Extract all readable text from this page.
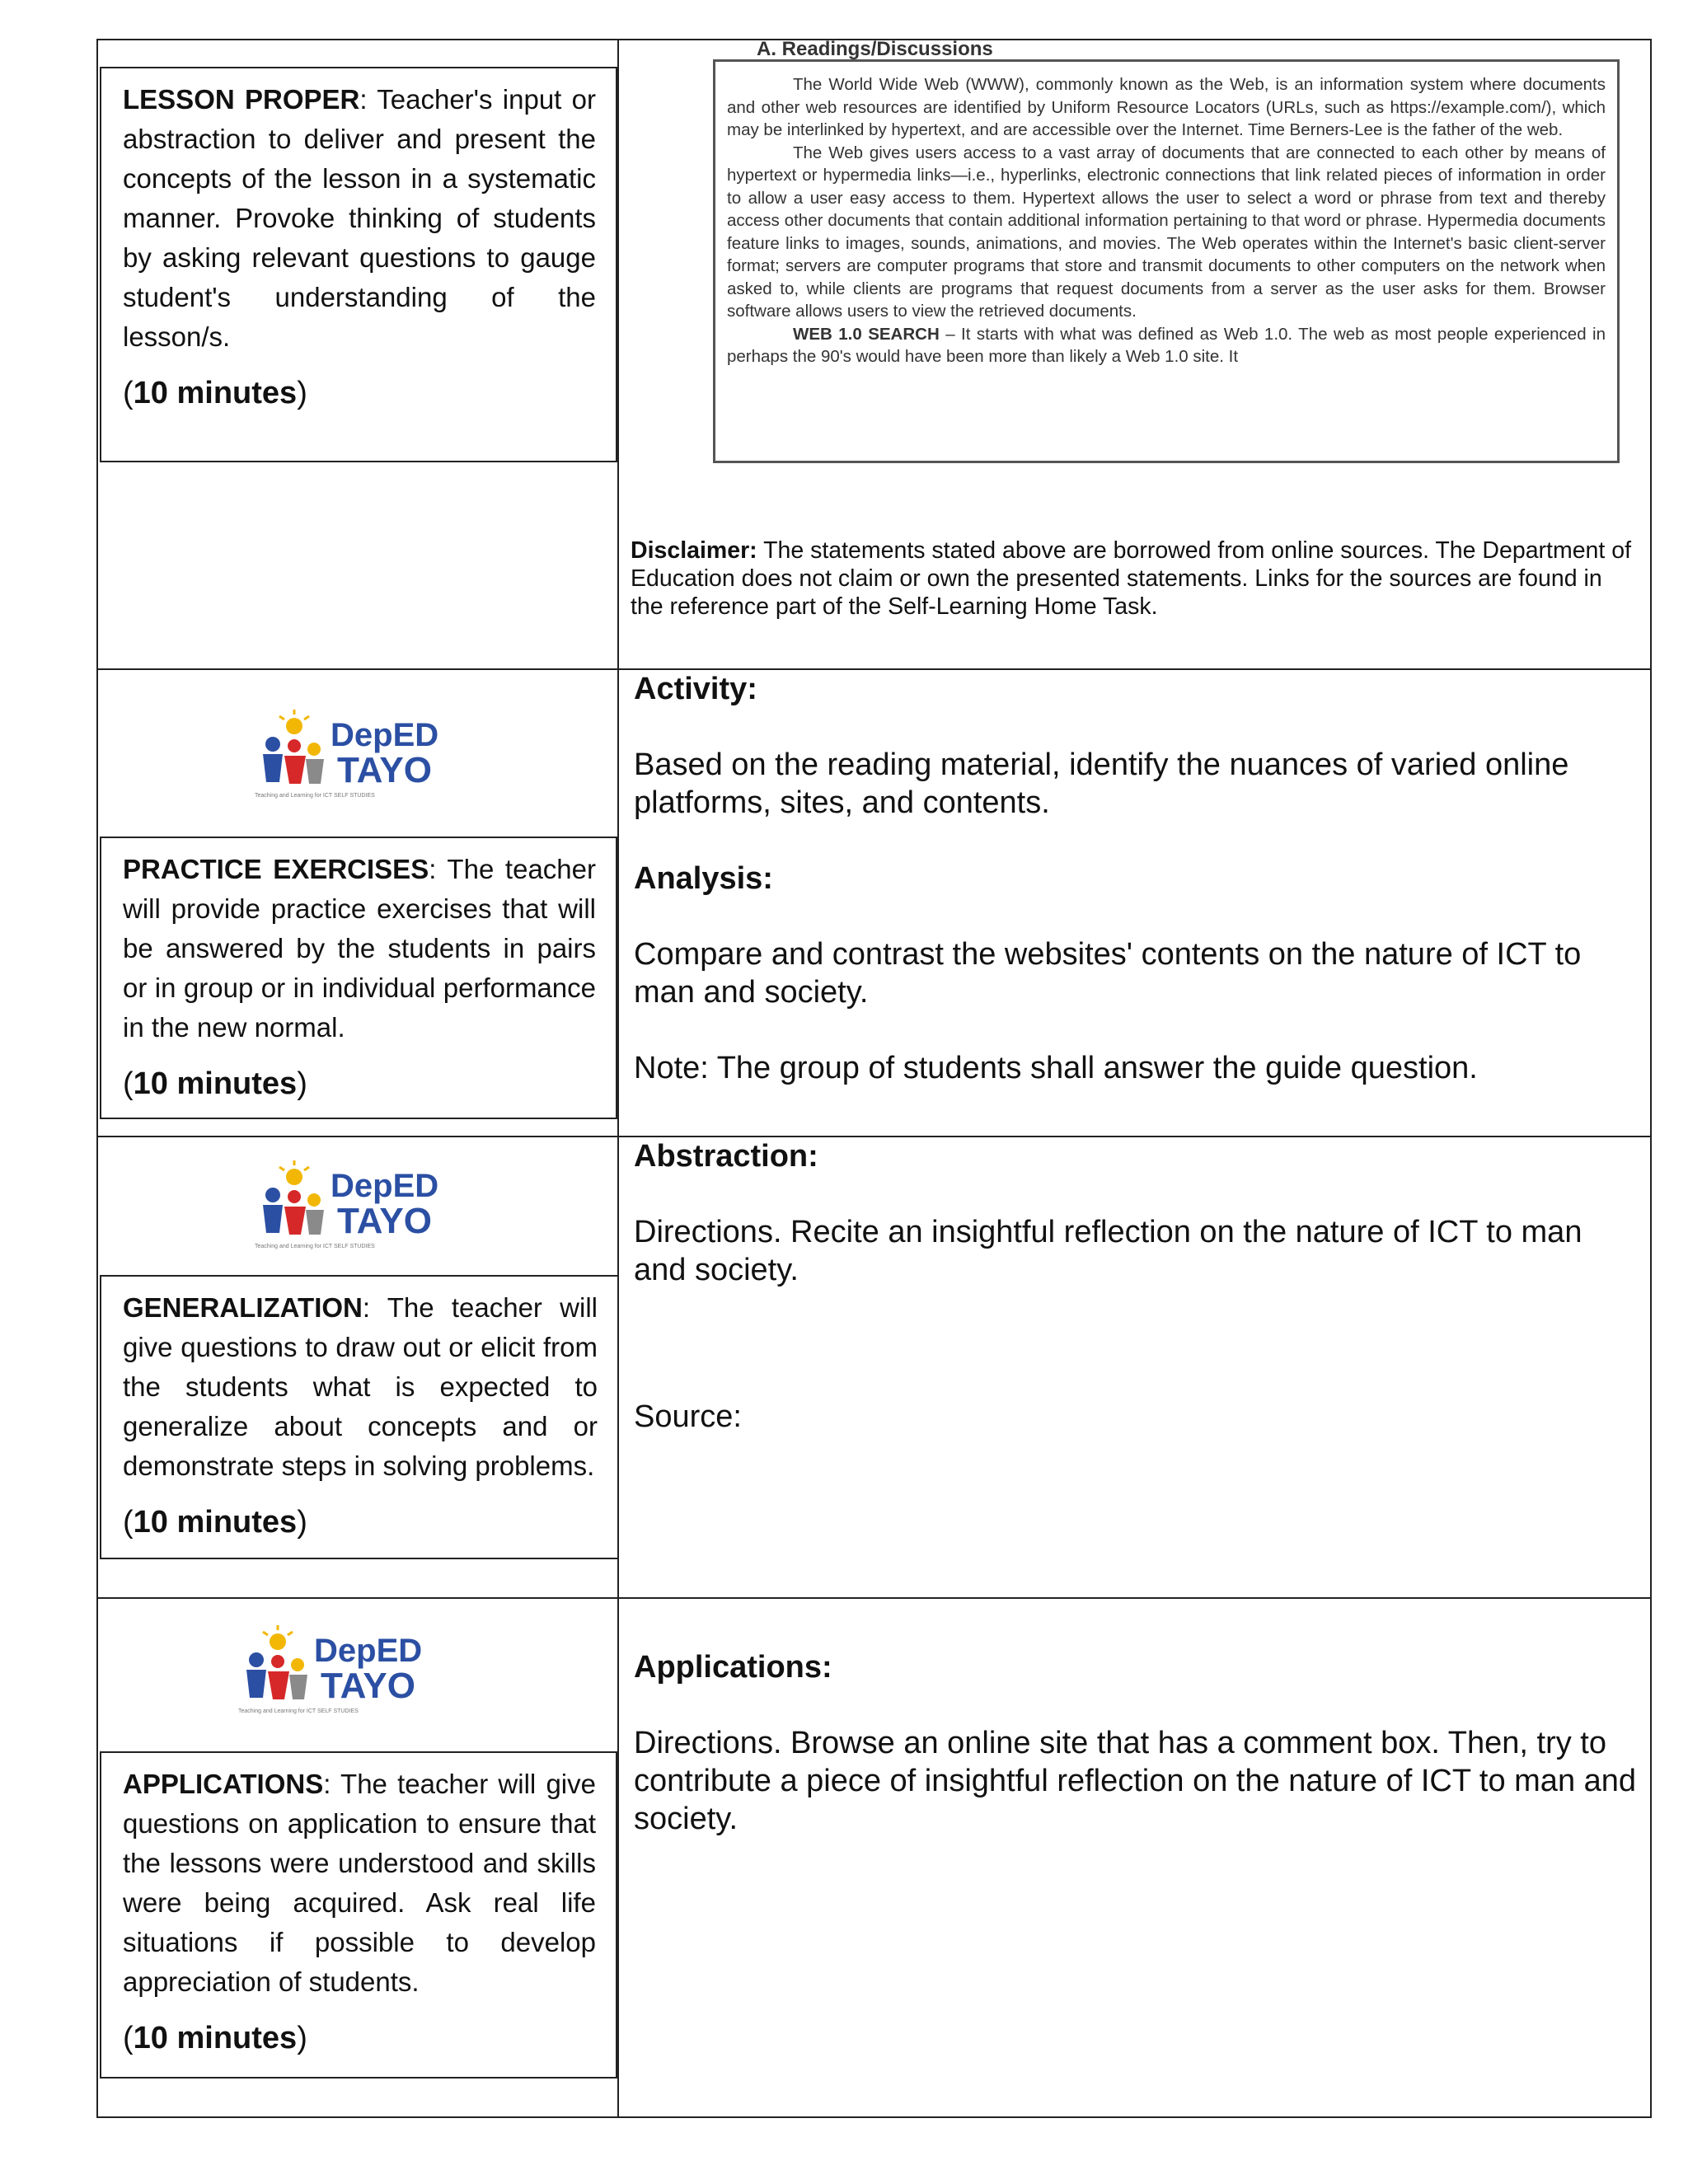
LESSON PROPER: Teacher's input or abstraction to deliver and present the concepts of the lesson in a systematic manner. Provoke thinking of students by asking relevant questions to gauge student's understanding of the lesson/s.

(10 minutes)
DepED
TAYO
Teaching and Learning for ICT SELF STUDIES

PRACTICE EXERCISES: The teacher will provide practice exercises that will be answered by the students in pairs or in group or in individual performance in the new normal.

(10 minutes)

Activity:

Based on the reading material, identify the nuances of varied online platforms, sites, and contents.

Analysis:

Compare and contrast the websites' contents on the nature of ICT to man and society.

Note: The group of students shall answer the guide question.

DepED
TAYO
Teaching and Learning for ICT SELF STUDIES

GENERALIZATION: The teacher will give questions to draw out or elicit from the students what is expected to generalize about concepts and or demonstrate steps in solving problems.

(10 minutes)

Abstraction:

Directions. Recite an insightful reflection on the nature of ICT to man and society.

Source:

DepED
TAYO
Teaching and Learning for ICT SELF STUDIES

APPLICATIONS: The teacher will give questions on application to ensure that the lessons were understood and skills were being acquired. Ask real life situations if possible to develop appreciation of students.

(10 minutes)

Applications:

Directions. Browse an online site that has a comment box. Then, try to contribute a piece of insightful reflection on the nature of ICT to man and society.

A. Readings/Discussions

The World Wide Web (WWW), commonly known as the Web, is an information system where documents and other web resources are identified by Uniform Resource Locators (URLs, such as https://example.com/), which may be interlinked by hypertext, and are accessible over the Internet. Time Berners-Lee is the father of the web.

The Web gives users access to a vast array of documents that are connected to each other by means of hypertext or hypermedia links—i.e., hyperlinks, electronic connections that link related pieces of information in order to allow a user easy access to them. Hypertext allows the user to select a word or phrase from text and thereby access other documents that contain additional information pertaining to that word or phrase. Hypermedia documents feature links to images, sounds, animations, and movies. The Web operates within the Internet's basic client-server format; servers are computer programs that store and transmit documents to other computers on the network when asked to, while clients are programs that request documents from a server as the user asks for them. Browser software allows users to view the retrieved documents.

WEB 1.0 SEARCH – It starts with what was defined as Web 1.0. The web as most people experienced in perhaps the 90's would have been more than likely a Web 1.0 site. It

Disclaimer: The statements stated above are borrowed from online sources. The Department of Education does not claim or own the presented statements. Links for the sources are found in the reference part of the Self-Learning Home Task.
